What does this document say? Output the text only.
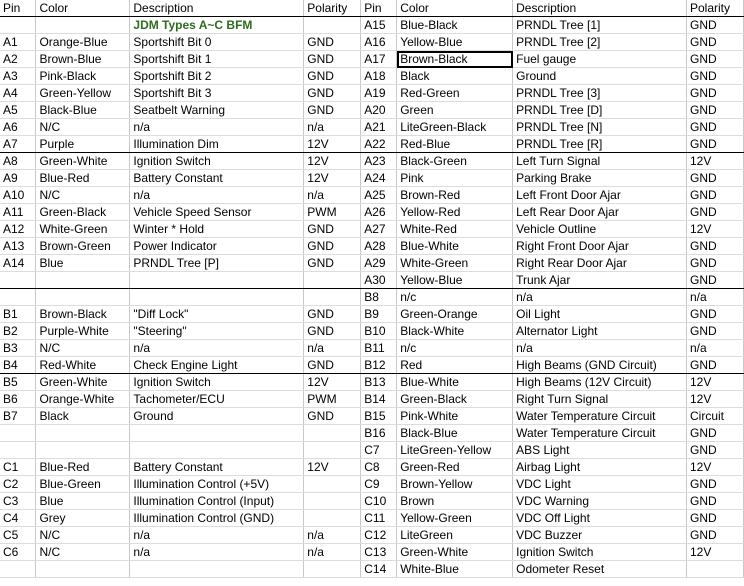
Pin	Color	Description	Polarity	Pin	Color	Description	Polarity
		JDM Types A~C BFM		A15	Blue-Black	PRNDL Tree [1]	GND
A1	Orange-Blue	Sportshift Bit 0	GND	A16	Yellow-Blue	PRNDL Tree [2]	GND
A2	Brown-Blue	Sportshift Bit 1	GND	A17	Brown-Black	Fuel gauge	GND
A3	Pink-Black	Sportshift Bit 2	GND	A18	Black	Ground	GND
A4	Green-Yellow	Sportshift Bit 3	GND	A19	Red-Green	PRNDL Tree [3]	GND
A5	Black-Blue	Seatbelt Warning	GND	A20	Green	PRNDL Tree [D]	GND
A6	N/C	n/a	n/a	A21	LiteGreen-Black	PRNDL Tree [N]	GND
A7	Purple	Illumination Dim	12V	A22	Red-Blue	PRNDL Tree [R]	GND
A8	Green-White	Ignition Switch	12V	A23	Black-Green	Left Turn Signal	12V
A9	Blue-Red	Battery Constant	12V	A24	Pink	Parking Brake	GND
A10	N/C	n/a	n/a	A25	Brown-Red	Left Front Door Ajar	GND
A11	Green-Black	Vehicle Speed Sensor	PWM	A26	Yellow-Red	Left Rear Door Ajar	GND
A12	White-Green	Winter * Hold	GND	A27	White-Red	Vehicle Outline	12V
A13	Brown-Green	Power Indicator	GND	A28	Blue-White	Right Front Door Ajar	GND
A14	Blue	PRNDL Tree [P]	GND	A29	White-Green	Right Rear Door Ajar	GND
				A30	Yellow-Blue	Trunk Ajar	GND
				B8	n/c	n/a	n/a
B1	Brown-Black	"Diff Lock"	GND	B9	Green-Orange	Oil Light	GND
B2	Purple-White	"Steering"	GND	B10	Black-White	Alternator Light	GND
B3	N/C	n/a	n/a	B11	n/c	n/a	n/a
B4	Red-White	Check Engine Light	GND	B12	Red	High Beams (GND Circuit)	GND
B5	Green-White	Ignition Switch	12V	B13	Blue-White	High Beams (12V Circuit)	12V
B6	Orange-White	Tachometer/ECU	PWM	B14	Green-Black	Right Turn Signal	12V
B7	Black	Ground	GND	B15	Pink-White	Water Temperature Circuit	Circuit
				B16	Black-Blue	Water Temperature Circuit	GND
				C7	LiteGreen-Yellow	ABS Light	GND
C1	Blue-Red	Battery Constant	12V	C8	Green-Red	Airbag Light	12V
C2	Blue-Green	Illumination Control (+5V)		C9	Brown-Yellow	VDC Light	GND
C3	Blue	Illumination Control (Input)		C10	Brown	VDC Warning	GND
C4	Grey	Illumination Control (GND)		C11	Yellow-Green	VDC Off Light	GND
C5	N/C	n/a	n/a	C12	LiteGreen	VDC Buzzer	GND
C6	N/C	n/a	n/a	C13	Green-White	Ignition Switch	12V
				C14	White-Blue	Odometer Reset	
